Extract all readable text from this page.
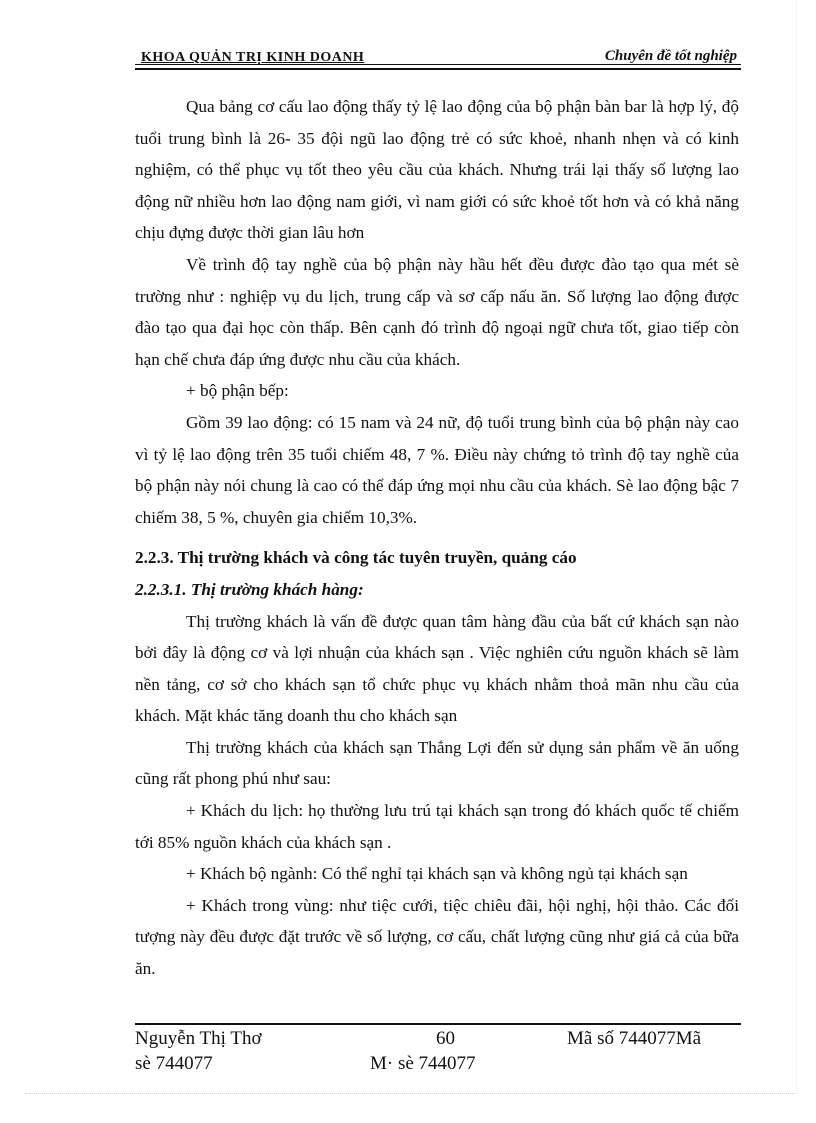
KHOA QUẢN TRỊ KINH DOANH	Chuyên đề tốt nghiệp

Qua bảng cơ cấu lao động thấy tỷ lệ lao động của bộ phận bàn bar là hợp lý, độ tuổi trung bình là 26- 35 đội ngũ lao động trẻ có sức khoẻ, nhanh nhẹn và có kinh nghiệm, có thể phục vụ tốt theo yêu cầu của khách. Nhưng trái lại thấy số lượng lao động nữ nhiều hơn lao động nam giới, vì nam giới có sức khoẻ tốt hơn và có khả năng chịu đựng được thời gian lâu hơn

Về trình độ tay nghề của bộ phận này hầu hết đều được đào tạo qua mét sè trường như : nghiệp vụ du lịch, trung cấp và sơ cấp nấu ăn. Số lượng lao động được đào tạo qua đại học còn thấp. Bên cạnh đó trình độ ngoại ngữ chưa tốt, giao tiếp còn hạn chế chưa đáp ứng được nhu cầu của khách.

+ bộ phận bếp:

Gồm 39 lao động: có 15 nam và 24 nữ, độ tuổi trung bình của bộ phận này cao vì tỷ lệ lao động trên 35 tuổi chiếm 48, 7 %. Điều này chứng tỏ trình độ tay nghề của bộ phận này nói chung là cao có thể đáp ứng mọi nhu cầu của khách. Sè lao động bậc 7 chiếm 38, 5 %, chuyên gia chiếm 10,3%.

2.2.3. Thị trường khách và công tác tuyên truyền, quảng cáo

2.2.3.1. Thị trường khách hàng:

Thị trường khách là vấn đề được quan tâm hàng đầu của bất cứ khách sạn nào bởi đây là động cơ và lợi nhuận của khách sạn . Việc nghiên cứu nguồn khách sẽ làm nền tảng, cơ sở cho khách sạn tổ chức phục vụ khách nhằm thoả mãn nhu cầu của khách. Mặt khác tăng doanh thu cho khách sạn

Thị trường khách của khách sạn Thắng Lợi đến sử dụng sản phẩm về ăn uống cũng rất phong phú như sau:

+ Khách du lịch: họ thường lưu trú tại khách sạn trong đó khách quốc tế chiếm tới 85% nguồn khách của khách sạn .

+ Khách bộ ngành: Có thể nghỉ tại khách sạn và không ngủ tại khách sạn

+ Khách trong vùng: như tiệc cưới, tiệc chiêu đãi, hội nghị, hội thảo. Các đối tượng này đều được đặt trước về số lượng, cơ cấu, chất lượng cũng như giá cả của bữa ăn.

Nguyễn Thị Thơ
sè 744077
60
M· sè 744077
Mã số 744077Mã
